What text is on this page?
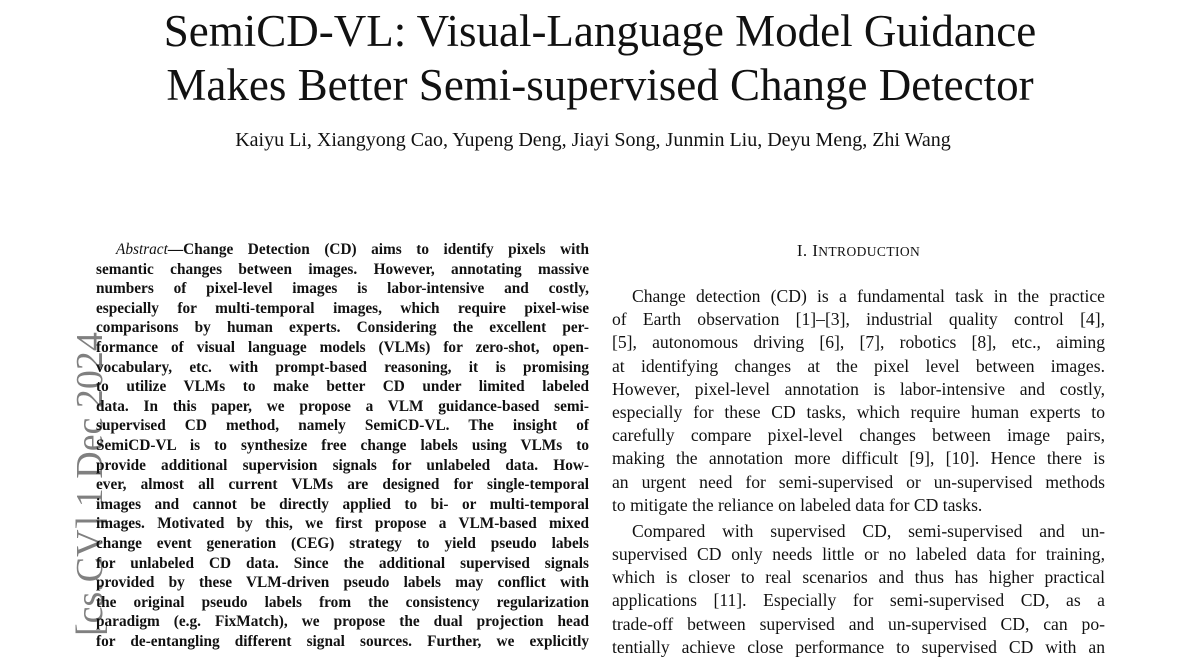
SemiCD-VL: Visual-Language Model Guidance
Makes Better Semi-supervised Change Detector
Kaiyu Li, Xiangyong Cao, Yupeng Deng, Jiayi Song, Junmin Liu, Deyu Meng, Zhi Wang
[cs.CV] 1 Dec 2024
Abstract—Change Detection (CD) aims to identify pixels with
semantic changes between images. However, annotating massive
numbers of pixel-level images is labor-intensive and costly,
especially for multi-temporal images, which require pixel-wise
comparisons by human experts. Considering the excellent per-
formance of visual language models (VLMs) for zero-shot, open-
vocabulary, etc. with prompt-based reasoning, it is promising
to utilize VLMs to make better CD under limited labeled
data. In this paper, we propose a VLM guidance-based semi-
supervised CD method, namely SemiCD-VL. The insight of
SemiCD-VL is to synthesize free change labels using VLMs to
provide additional supervision signals for unlabeled data. How-
ever, almost all current VLMs are designed for single-temporal
images and cannot be directly applied to bi- or multi-temporal
images. Motivated by this, we first propose a VLM-based mixed
change event generation (CEG) strategy to yield pseudo labels
for unlabeled CD data. Since the additional supervised signals
provided by these VLM-driven pseudo labels may conflict with
the original pseudo labels from the consistency regularization
paradigm (e.g. FixMatch), we propose the dual projection head
for de-entangling different signal sources. Further, we explicitly
I. INTRODUCTION
Change detection (CD) is a fundamental task in the practice
of Earth observation [1]–[3], industrial quality control [4],
[5], autonomous driving [6], [7], robotics [8], etc., aiming
at identifying changes at the pixel level between images.
However, pixel-level annotation is labor-intensive and costly,
especially for these CD tasks, which require human experts to
carefully compare pixel-level changes between image pairs,
making the annotation more difficult [9], [10]. Hence there is
an urgent need for semi-supervised or un-supervised methods
to mitigate the reliance on labeled data for CD tasks.
Compared with supervised CD, semi-supervised and un-
supervised CD only needs little or no labeled data for training,
which is closer to real scenarios and thus has higher practical
applications [11]. Especially for semi-supervised CD, as a
trade-off between supervised and un-supervised CD, can po-
tentially achieve close performance to supervised CD with an
